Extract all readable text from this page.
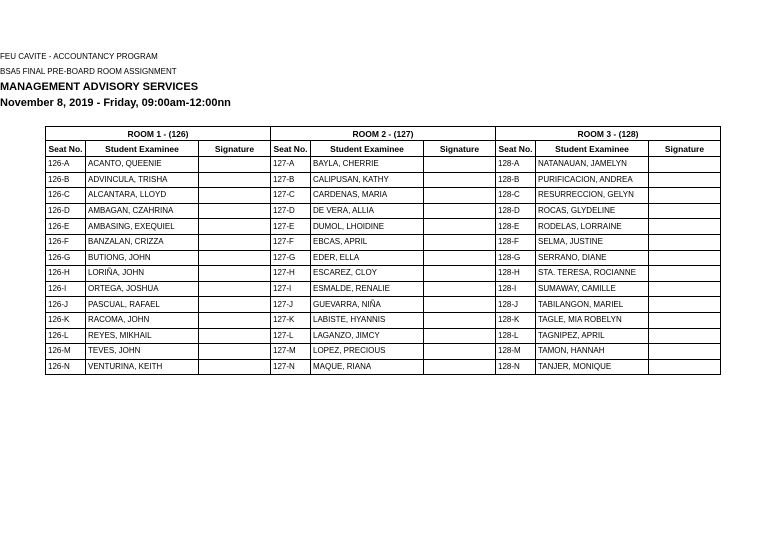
FEU CAVITE - ACCOUNTANCY PROGRAM
BSA5 FINAL PRE-BOARD ROOM ASSIGNMENT
MANAGEMENT ADVISORY SERVICES
November 8, 2019 - Friday, 09:00am-12:00nn
ROOM 1 - (126)			ROOM 2 - (127)			ROOM 3 - (128)		
Seat No.	Student Examinee	Signature	Seat No.	Student Examinee	Signature	Seat No.	Student Examinee	Signature
126-A	ACANTO, QUEENIE		127-A	BAYLA, CHERRIE		128-A	NATANAUAN, JAMELYN	
126-B	ADVINCULA, TRISHA		127-B	CALIPUSAN, KATHY		128-B	PURIFICACION, ANDREA	
126-C	ALCANTARA, LLOYD		127-C	CARDENAS, MARIA		128-C	RESURRECCION, GELYN	
126-D	AMBAGAN, CZAHRINA		127-D	DE VERA, ALLIA		128-D	ROCAS, GLYDELINE	
126-E	AMBASING, EXEQUIEL		127-E	DUMOL, LHOIDINE		128-E	RODELAS, LORRAINE	
126-F	BANZALAN, CRIZZA		127-F	EBCAS, APRIL		128-F	SELMA, JUSTINE	
126-G	BUTIONG, JOHN		127-G	EDER, ELLA		128-G	SERRANO, DIANE	
126-H	LORIÑA, JOHN		127-H	ESCAREZ, CLOY		128-H	STA. TERESA, ROCIANNE	
126-I	ORTEGA, JOSHUA		127-I	ESMALDE, RENALIE		128-I	SUMAWAY, CAMILLE	
126-J	PASCUAL, RAFAEL		127-J	GUEVARRA, NIÑA		128-J	TABILANGON, MARIEL	
126-K	RACOMA, JOHN		127-K	LABISTE, HYANNIS		128-K	TAGLE, MIA ROBELYN	
126-L	REYES, MIKHAIL		127-L	LAGANZO, JIMCY		128-L	TAGNIPEZ, APRIL	
126-M	TEVES, JOHN		127-M	LOPEZ, PRECIOUS		128-M	TAMON, HANNAH	
126-N	VENTURINA, KEITH		127-N	MAQUE, RIANA		128-N	TANJER, MONIQUE	
